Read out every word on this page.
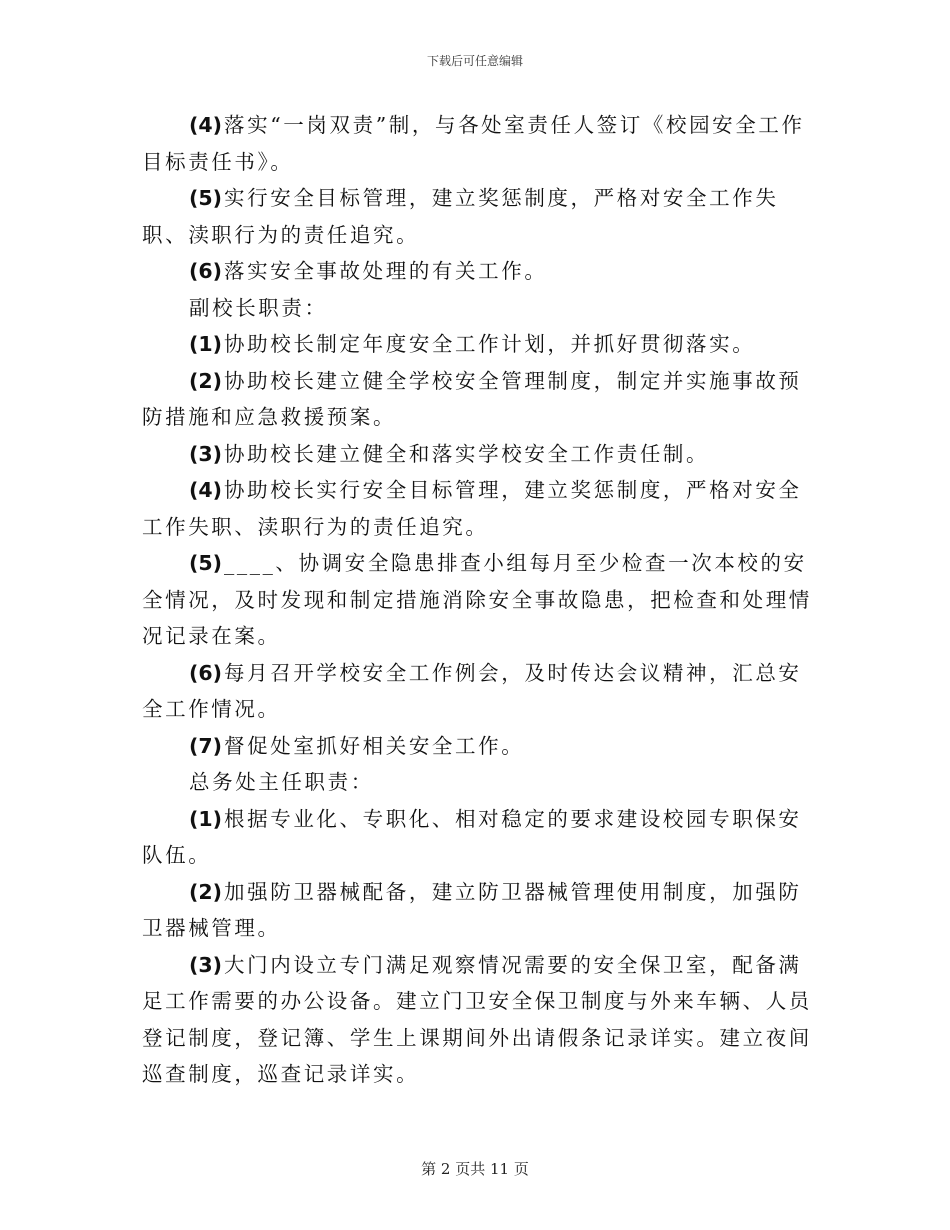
下载后可任意编辑

(4)落实“一岗双责”制，与各处室责任人签订《校园安全工作目标责任书》。

(5)实行安全目标管理，建立奖惩制度，严格对安全工作失职、渎职行为的责任追究。

(6)落实安全事故处理的有关工作。

副校长职责：

(1)协助校长制定年度安全工作计划，并抓好贯彻落实。

(2)协助校长建立健全学校安全管理制度，制定并实施事故预防措施和应急救援预案。

(3)协助校长建立健全和落实学校安全工作责任制。

(4)协助校长实行安全目标管理，建立奖惩制度，严格对安全工作失职、渎职行为的责任追究。

(5)____、协调安全隐患排查小组每月至少检查一次本校的安全情况，及时发现和制定措施消除安全事故隐患，把检查和处理情况记录在案。

(6)每月召开学校安全工作例会，及时传达会议精神，汇总安全工作情况。

(7)督促处室抓好相关安全工作。

总务处主任职责：

(1)根据专业化、专职化、相对稳定的要求建设校园专职保安队伍。

(2)加强防卫器械配备，建立防卫器械管理使用制度，加强防卫器械管理。

(3)大门内设立专门满足观察情况需要的安全保卫室，配备满足工作需要的办公设备。建立门卫安全保卫制度与外来车辆、人员登记制度，登记簿、学生上课期间外出请假条记录详实。建立夜间巡查制度，巡查记录详实。

第 2 页共 11 页
